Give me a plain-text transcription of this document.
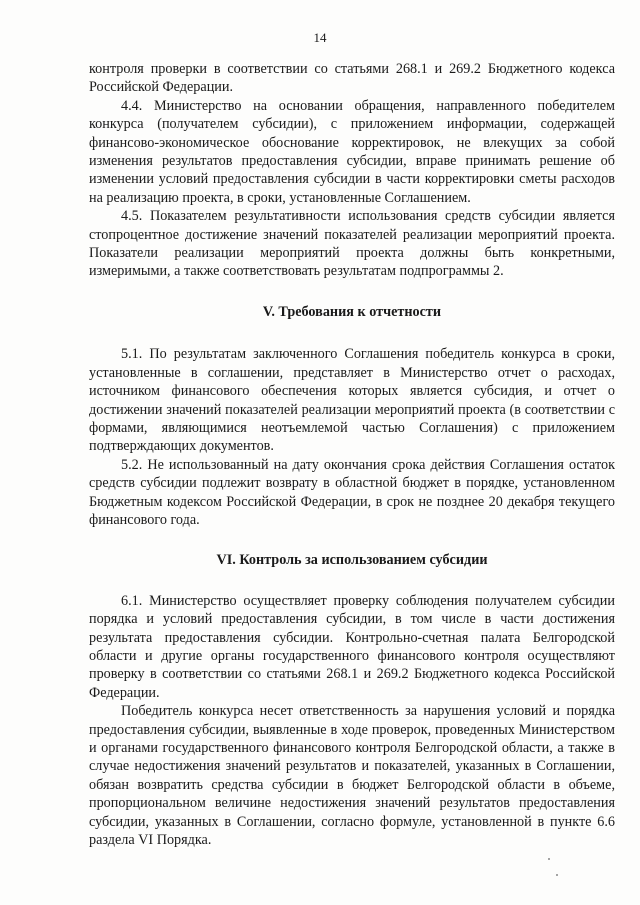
14

контроля проверки в соответствии со статьями 268.1 и 269.2 Бюджетного кодекса Российской Федерации.

4.4. Министерство на основании обращения, направленного победителем конкурса (получателем субсидии), с приложением информации, содержащей финансово-экономическое обоснование корректировок, не влекущих за собой изменения результатов предоставления субсидии, вправе принимать решение об изменении условий предоставления субсидии в части корректировки сметы расходов на реализацию проекта, в сроки, установленные Соглашением.

4.5. Показателем результативности использования средств субсидии является стопроцентное достижение значений показателей реализации мероприятий проекта. Показатели реализации мероприятий проекта должны быть конкретными, измеримыми, а также соответствовать результатам подпрограммы 2.

V. Требования к отчетности

5.1. По результатам заключенного Соглашения победитель конкурса в сроки, установленные в соглашении, представляет в Министерство отчет о расходах, источником финансового обеспечения которых является субсидия, и отчет о достижении значений показателей реализации мероприятий проекта (в соответствии с формами, являющимися неотъемлемой частью Соглашения) с приложением подтверждающих документов.

5.2. Не использованный на дату окончания срока действия Соглашения остаток средств субсидии подлежит возврату в областной бюджет в порядке, установленном Бюджетным кодексом Российской Федерации, в срок не позднее 20 декабря текущего финансового года.

VI. Контроль за использованием субсидии

6.1. Министерство осуществляет проверку соблюдения получателем субсидии порядка и условий предоставления субсидии, в том числе в части достижения результата предоставления субсидии. Контрольно-счетная палата Белгородской области и другие органы государственного финансового контроля осуществляют проверку в соответствии со статьями 268.1 и 269.2 Бюджетного кодекса Российской Федерации.

Победитель конкурса несет ответственность за нарушения условий и порядка предоставления субсидии, выявленные в ходе проверок, проведенных Министерством и органами государственного финансового контроля Белгородской области, а также в случае недостижения значений результатов и показателей, указанных в Соглашении, обязан возвратить средства субсидии в бюджет Белгородской области в объеме, пропорциональном величине недостижения значений результатов предоставления субсидии, указанных в Соглашении, согласно формуле, установленной в пункте 6.6 раздела VI Порядка.
